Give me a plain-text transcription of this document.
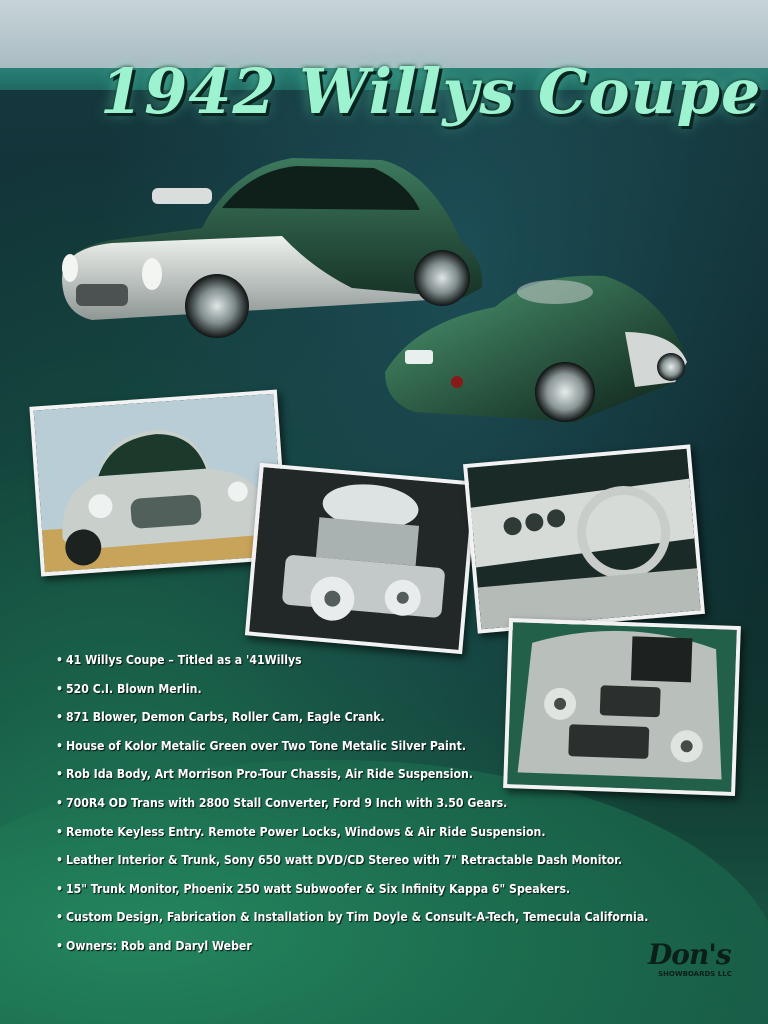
1942 Willys Coupe
• 41 Willys Coupe – Titled as a '41Willys
• 520 C.I. Blown Merlin.
• 871 Blower, Demon Carbs, Roller Cam, Eagle Crank.
• House of Kolor Metalic Green over Two Tone Metalic Silver Paint.
• Rob Ida Body, Art Morrison Pro-Tour Chassis, Air Ride Suspension.
• 700R4 OD Trans with 2800 Stall Converter, Ford 9 Inch with 3.50 Gears.
• Remote Keyless Entry. Remote Power Locks, Windows & Air Ride Suspension.
• Leather Interior & Trunk, Sony 650 watt DVD/CD Stereo with 7" Retractable Dash Monitor.
• 15" Trunk Monitor, Phoenix 250 watt Subwoofer & Six Infinity Kappa 6" Speakers.
• Custom Design, Fabrication & Installation by Tim Doyle & Consult-A-Tech, Temecula California.
• Owners: Rob and Daryl Weber	Don's
SHOWBOARDS LLC
